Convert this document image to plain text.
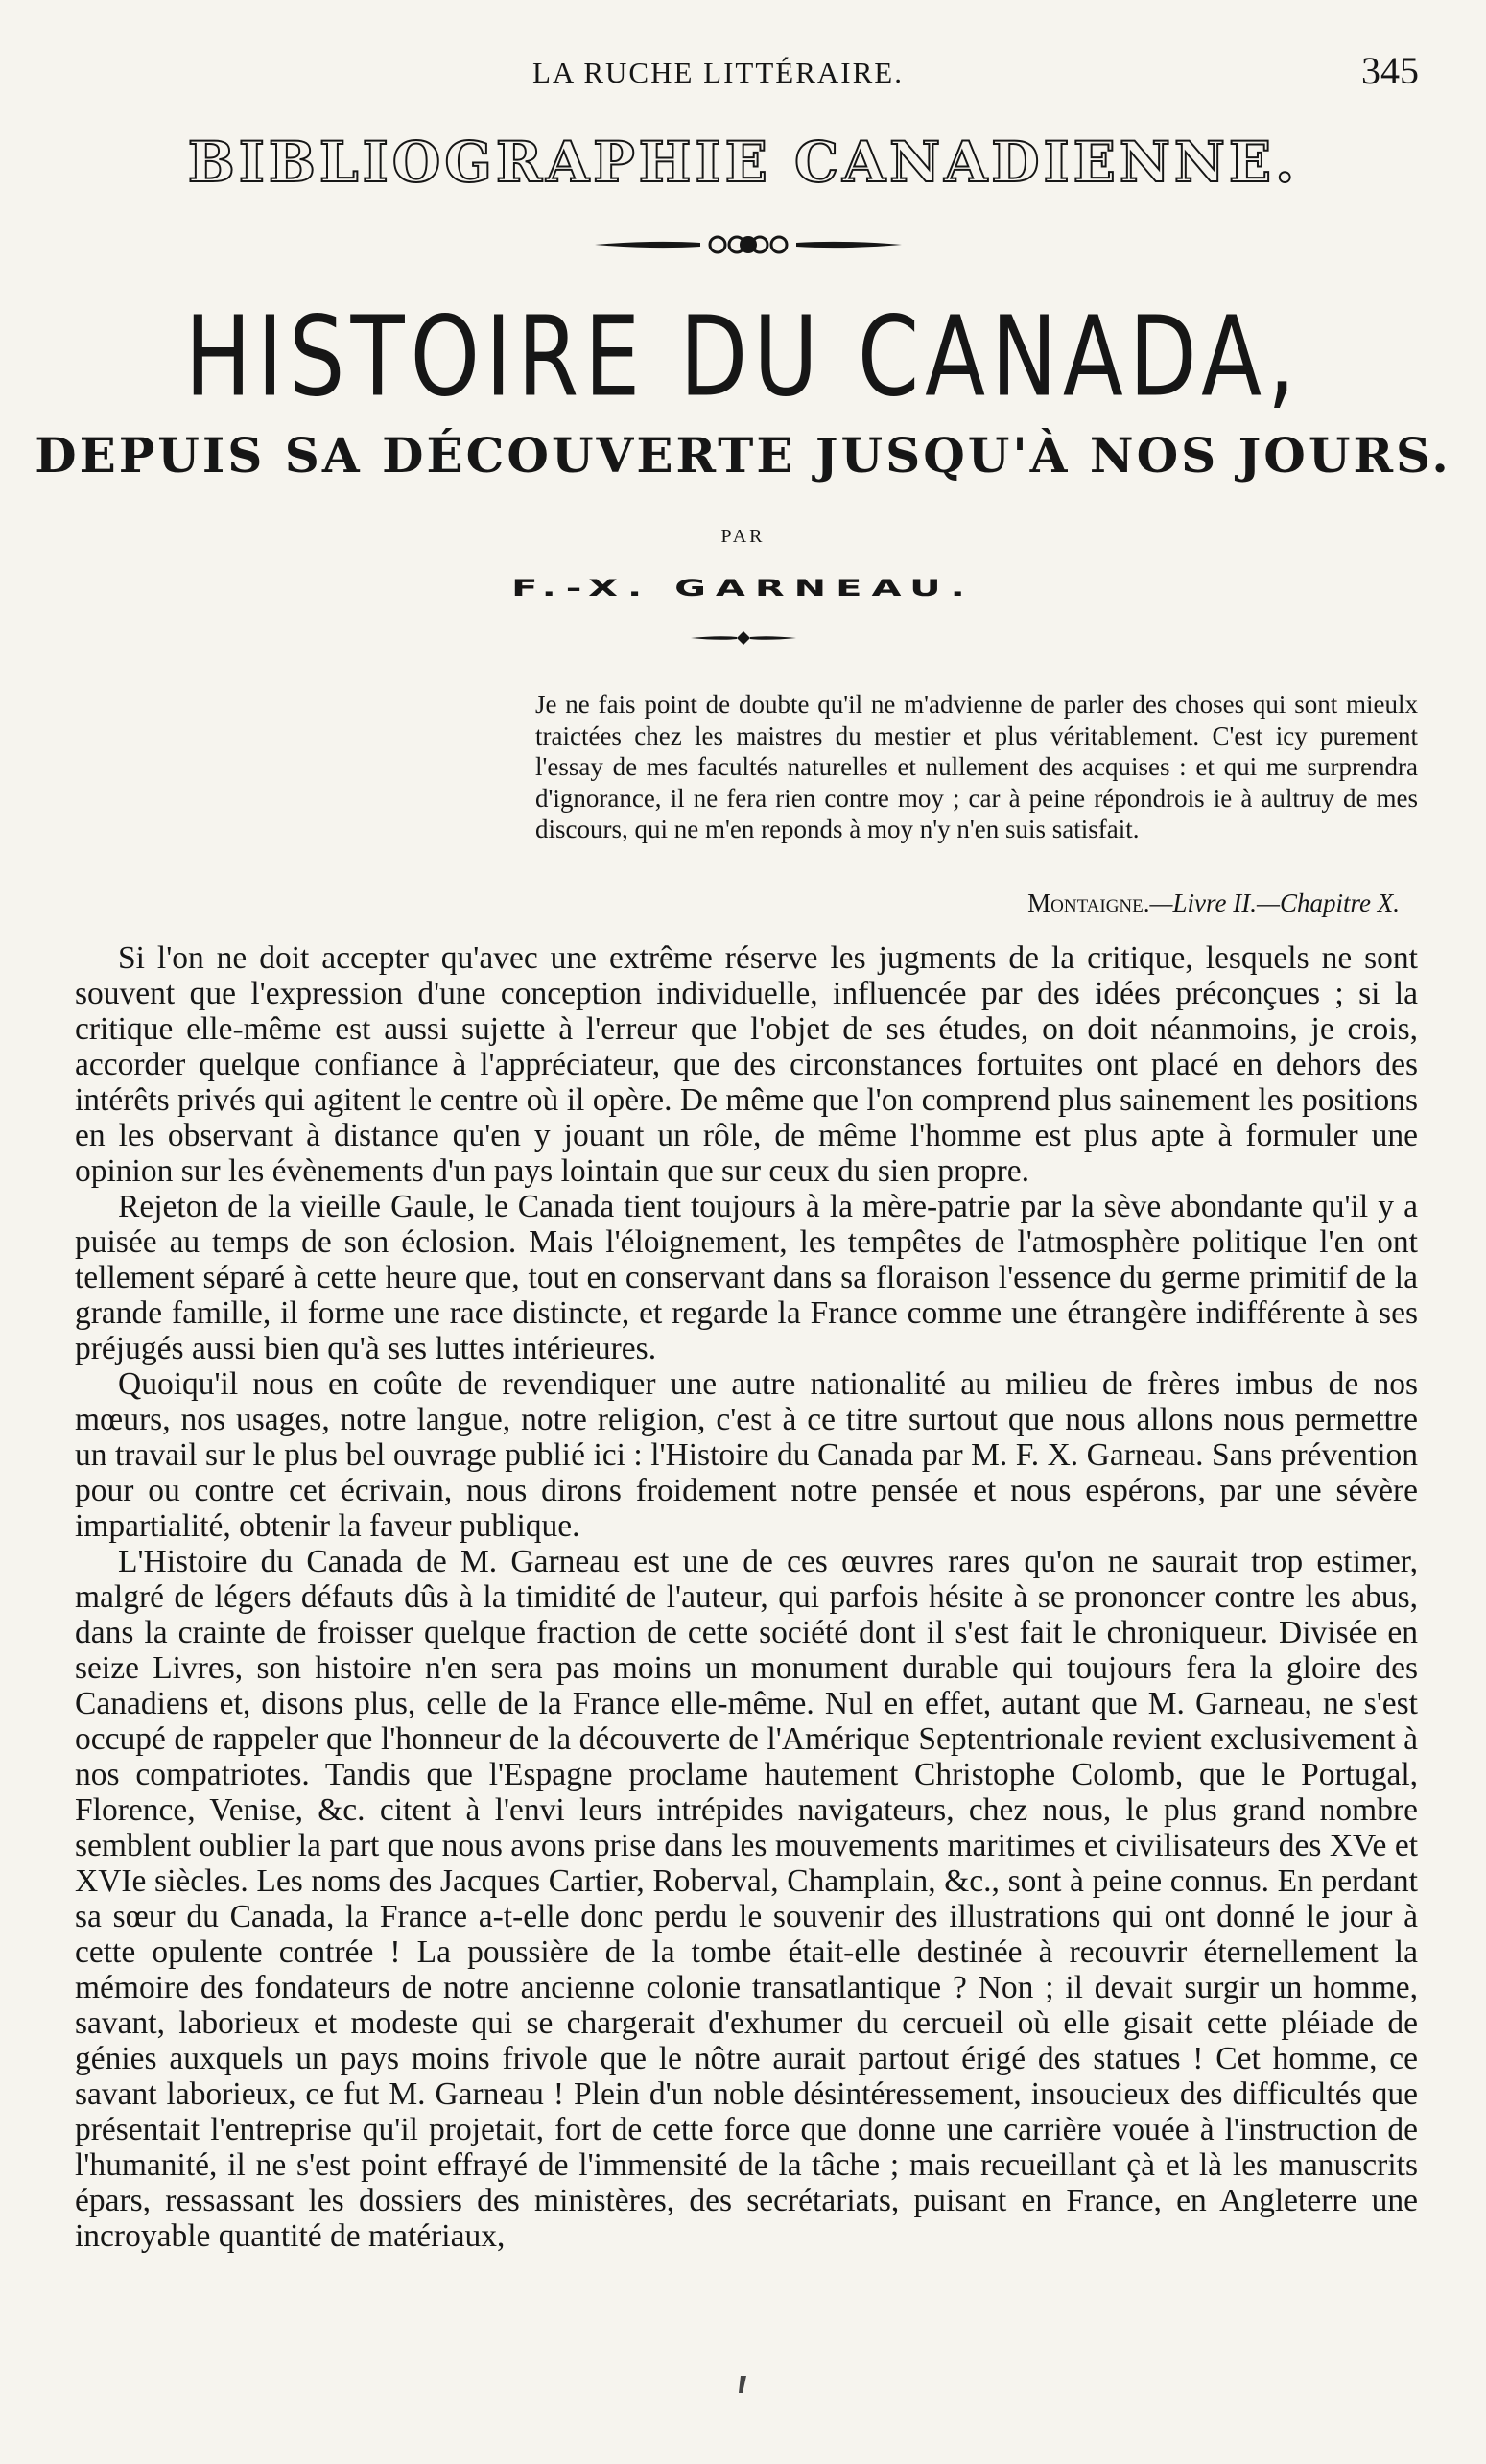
LA RUCHE LITTÉRAIRE.	345
BIBLIOGRAPHIE CANADIENNE.
HISTOIRE DU CANADA,
DEPUIS SA DÉCOUVERTE JUSQU'À NOS JOURS.
PAR
F.-X. GARNEAU.

Je ne fais point de doubte qu'il ne m'advienne de parler des choses qui sont mieulx traictées chez les maistres du mestier et plus véritablement. C'est icy purement l'essay de mes facultés naturelles et nullement des acquises : et qui me surprendra d'ignorance, il ne fera rien contre moy ; car à peine répondrois ie à aultruy de mes discours, qui ne m'en reponds à moy n'y n'en suis satisfait.

Montaigne.—Livre II.—Chapitre X.

Si l'on ne doit accepter qu'avec une extrême réserve les jugments de la critique, lesquels ne sont souvent que l'expression d'une conception individuelle, influencée par des idées préconçues ; si la critique elle-même est aussi sujette à l'erreur que l'objet de ses études, on doit néanmoins, je crois, accorder quelque confiance à l'appréciateur, que des circonstances fortuites ont placé en dehors des intérêts privés qui agitent le centre où il opère. De même que l'on comprend plus sainement les positions en les observant à distance qu'en y jouant un rôle, de même l'homme est plus apte à formuler une opinion sur les évènements d'un pays lointain que sur ceux du sien propre.

Rejeton de la vieille Gaule, le Canada tient toujours à la mère-patrie par la sève abondante qu'il y a puisée au temps de son éclosion. Mais l'éloignement, les tempêtes de l'atmosphère politique l'en ont tellement séparé à cette heure que, tout en conservant dans sa floraison l'essence du germe primitif de la grande famille, il forme une race distincte, et regarde la France comme une étrangère indifférente à ses préjugés aussi bien qu'à ses luttes intérieures.

Quoiqu'il nous en coûte de revendiquer une autre nationalité au milieu de frères imbus de nos mœurs, nos usages, notre langue, notre religion, c'est à ce titre surtout que nous allons nous permettre un travail sur le plus bel ouvrage publié ici : l'Histoire du Canada par M. F. X. Garneau. Sans prévention pour ou contre cet écrivain, nous dirons froidement notre pensée et nous espérons, par une sévère impartialité, obtenir la faveur publique.

L'Histoire du Canada de M. Garneau est une de ces œuvres rares qu'on ne saurait trop estimer, malgré de légers défauts dûs à la timidité de l'auteur, qui parfois hésite à se prononcer contre les abus, dans la crainte de froisser quelque fraction de cette société dont il s'est fait le chroniqueur. Divisée en seize Livres, son histoire n'en sera pas moins un monument durable qui toujours fera la gloire des Canadiens et, disons plus, celle de la France elle-même. Nul en effet, autant que M. Garneau, ne s'est occupé de rappeler que l'honneur de la découverte de l'Amérique Septentrionale revient exclusivement à nos compatriotes. Tandis que l'Espagne proclame hautement Christophe Colomb, que le Portugal, Florence, Venise, &c. citent à l'envi leurs intrépides navigateurs, chez nous, le plus grand nombre semblent oublier la part que nous avons prise dans les mouvements maritimes et civilisateurs des XVe et XVIe siècles. Les noms des Jacques Cartier, Roberval, Champlain, &c., sont à peine connus. En perdant sa sœur du Canada, la France a-t-elle donc perdu le souvenir des illustrations qui ont donné le jour à cette opulente contrée ! La poussière de la tombe était-elle destinée à recouvrir éternellement la mémoire des fondateurs de notre ancienne colonie transatlantique ? Non ; il devait surgir un homme, savant, laborieux et modeste qui se chargerait d'exhumer du cercueil où elle gisait cette pléiade de génies auxquels un pays moins frivole que le nôtre aurait partout érigé des statues ! Cet homme, ce savant laborieux, ce fut M. Garneau ! Plein d'un noble désintéressement, insoucieux des difficultés que présentait l'entreprise qu'il projetait, fort de cette force que donne une carrière vouée à l'instruction de l'humanité, il ne s'est point effrayé de l'immensité de la tâche ; mais recueillant çà et là les manuscrits épars, ressassant les dossiers des ministères, des secrétariats, puisant en France, en Angleterre une incroyable quantité de matériaux,
